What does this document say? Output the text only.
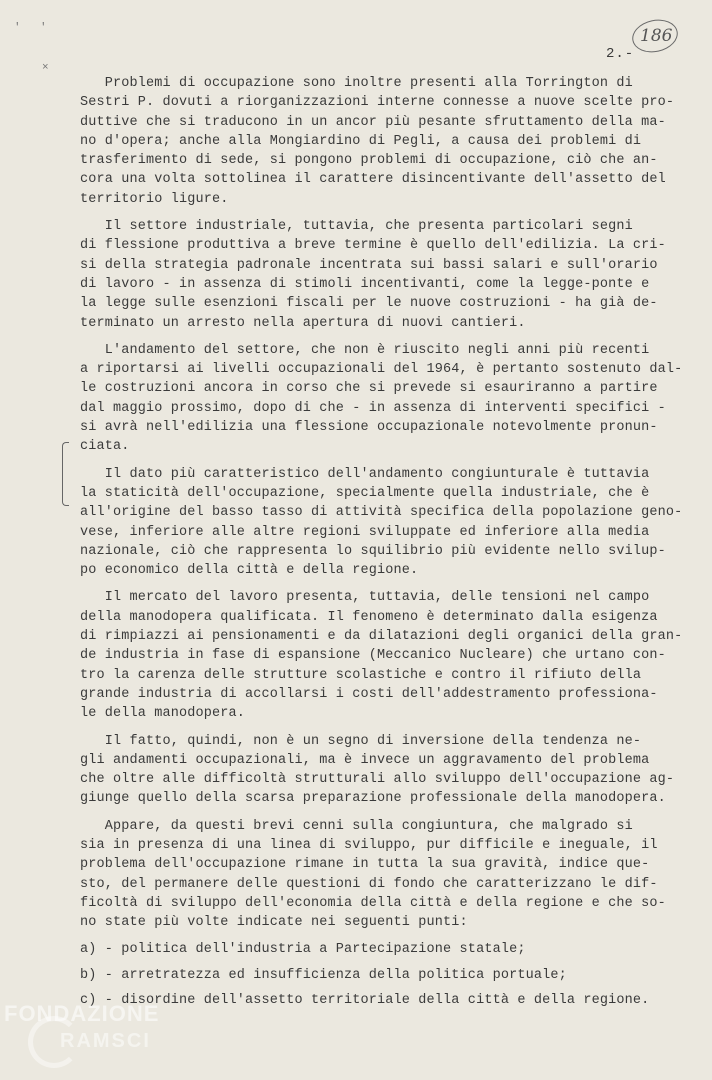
' '
×
2.-
186
Problemi di occupazione sono inoltre presenti alla Torrington di
Sestri P. dovuti a riorganizzazioni interne connesse a nuove scelte pro-
duttive che si traducono in un ancor più pesante sfruttamento della ma-
no d'opera; anche alla Mongiardino di Pegli, a causa dei problemi di
trasferimento di sede, si pongono problemi di occupazione, ciò che an-
cora una volta sottolinea il carattere disincentivante dell'assetto del
territorio ligure.
Il settore industriale, tuttavia, che presenta particolari segni
di flessione produttiva a breve termine è quello dell'edilizia. La cri-
si della strategia padronale incentrata sui bassi salari e sull'orario
di lavoro - in assenza di stimoli incentivanti, come la legge-ponte e
la legge sulle esenzioni fiscali per le nuove costruzioni - ha già de-
terminato un arresto nella apertura di nuovi cantieri.
L'andamento del settore, che non è riuscito negli anni più recenti
a riportarsi ai livelli occupazionali del 1964, è pertanto sostenuto dal-
le costruzioni ancora in corso che si prevede si esauriranno a partire
dal maggio prossimo, dopo di che - in assenza di interventi specifici -
si avrà nell'edilizia una flessione occupazionale notevolmente pronun-
ciata.
Il dato più caratteristico dell'andamento congiunturale è tuttavia
la staticità dell'occupazione, specialmente quella industriale, che è
all'origine del basso tasso di attività specifica della popolazione geno-
vese, inferiore alle altre regioni sviluppate ed inferiore alla media
nazionale, ciò che rappresenta lo squilibrio più evidente nello svilup-
po economico della città e della regione.
Il mercato del lavoro presenta, tuttavia, delle tensioni nel campo
della manodopera qualificata. Il fenomeno è determinato dalla esigenza
di rimpiazzi ai pensionamenti e da dilatazioni degli organici della gran-
de industria in fase di espansione (Meccanico Nucleare) che urtano con-
tro la carenza delle strutture scolastiche e contro il rifiuto della
grande industria di accollarsi i costi dell'addestramento professiona-
le della manodopera.
Il fatto, quindi, non è un segno di inversione della tendenza ne-
gli andamenti occupazionali, ma è invece un aggravamento del problema
che oltre alle difficoltà strutturali allo sviluppo dell'occupazione ag-
giunge quello della scarsa preparazione professionale della manodopera.
Appare, da questi brevi cenni sulla congiuntura, che malgrado si
sia in presenza di una linea di sviluppo, pur difficile e ineguale, il
problema dell'occupazione rimane in tutta la sua gravità, indice que-
sto, del permanere delle questioni di fondo che caratterizzano le dif-
ficoltà di sviluppo dell'economia della città e della regione e che so-
no state più volte indicate nei seguenti punti:
a) - politica dell'industria a Partecipazione statale;
b) - arretratezza ed insufficienza della politica portuale;
c) - disordine dell'assetto territoriale della città e della regione.
FONDAZIONE
RAMSCI
